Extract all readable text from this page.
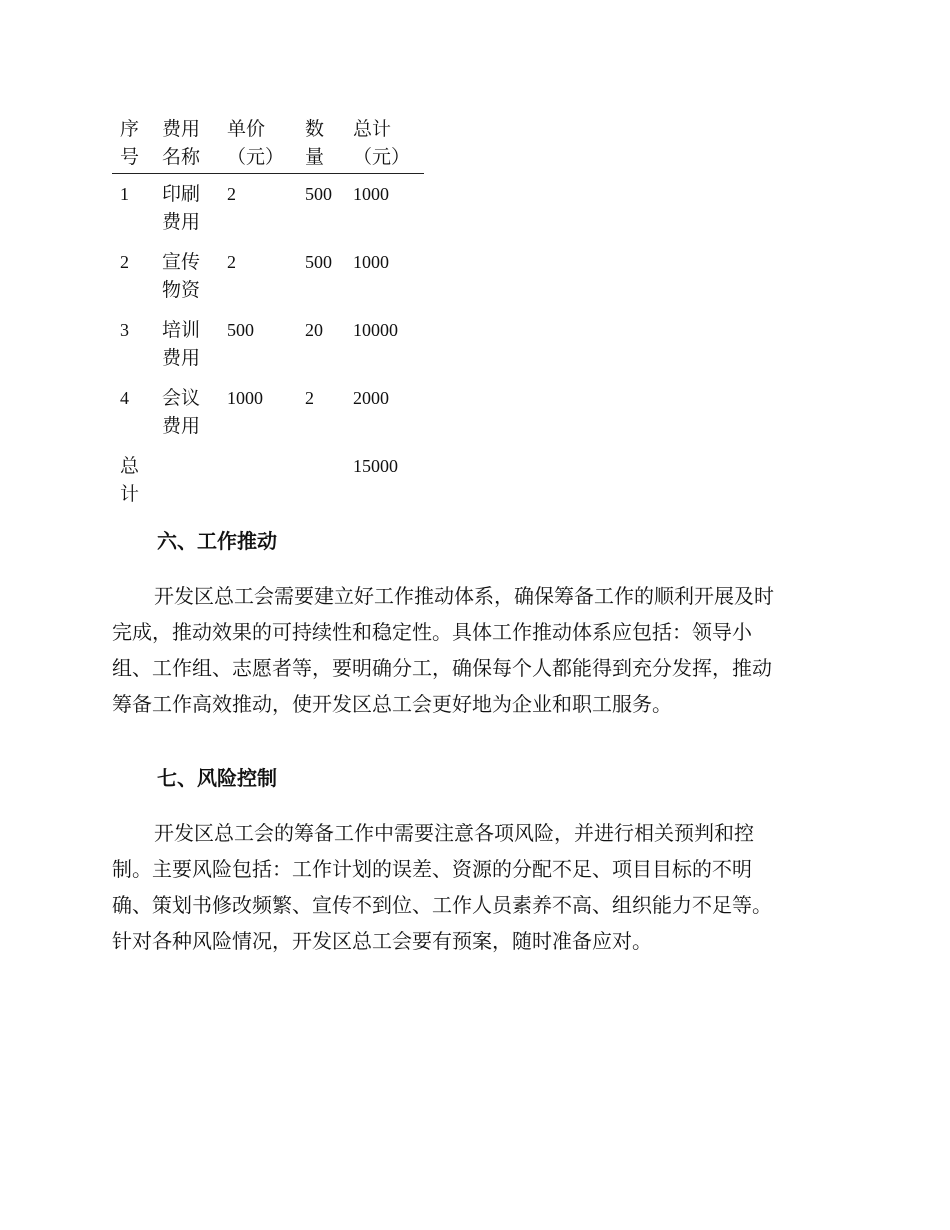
序号	费用名称	单价（元）	数量	总计（元）

1	印刷费用	2	500	1000
2	宣传物资	2	500	1000
3	培训费用	500	20	10000
4	会议费用	1000	2	2000

总计				15000
六、工作推动
开发区总工会需要建立好工作推动体系，确保筹备工作的顺利开展及时
完成，推动效果的可持续性和稳定性。具体工作推动体系应包括：领导小
组、工作组、志愿者等，要明确分工，确保每个人都能得到充分发挥，推动
筹备工作高效推动，使开发区总工会更好地为企业和职工服务。
七、风险控制
开发区总工会的筹备工作中需要注意各项风险，并进行相关预判和控
制。主要风险包括：工作计划的误差、资源的分配不足、项目目标的不明
确、策划书修改频繁、宣传不到位、工作人员素养不高、组织能力不足等。
针对各种风险情况，开发区总工会要有预案，随时准备应对。
